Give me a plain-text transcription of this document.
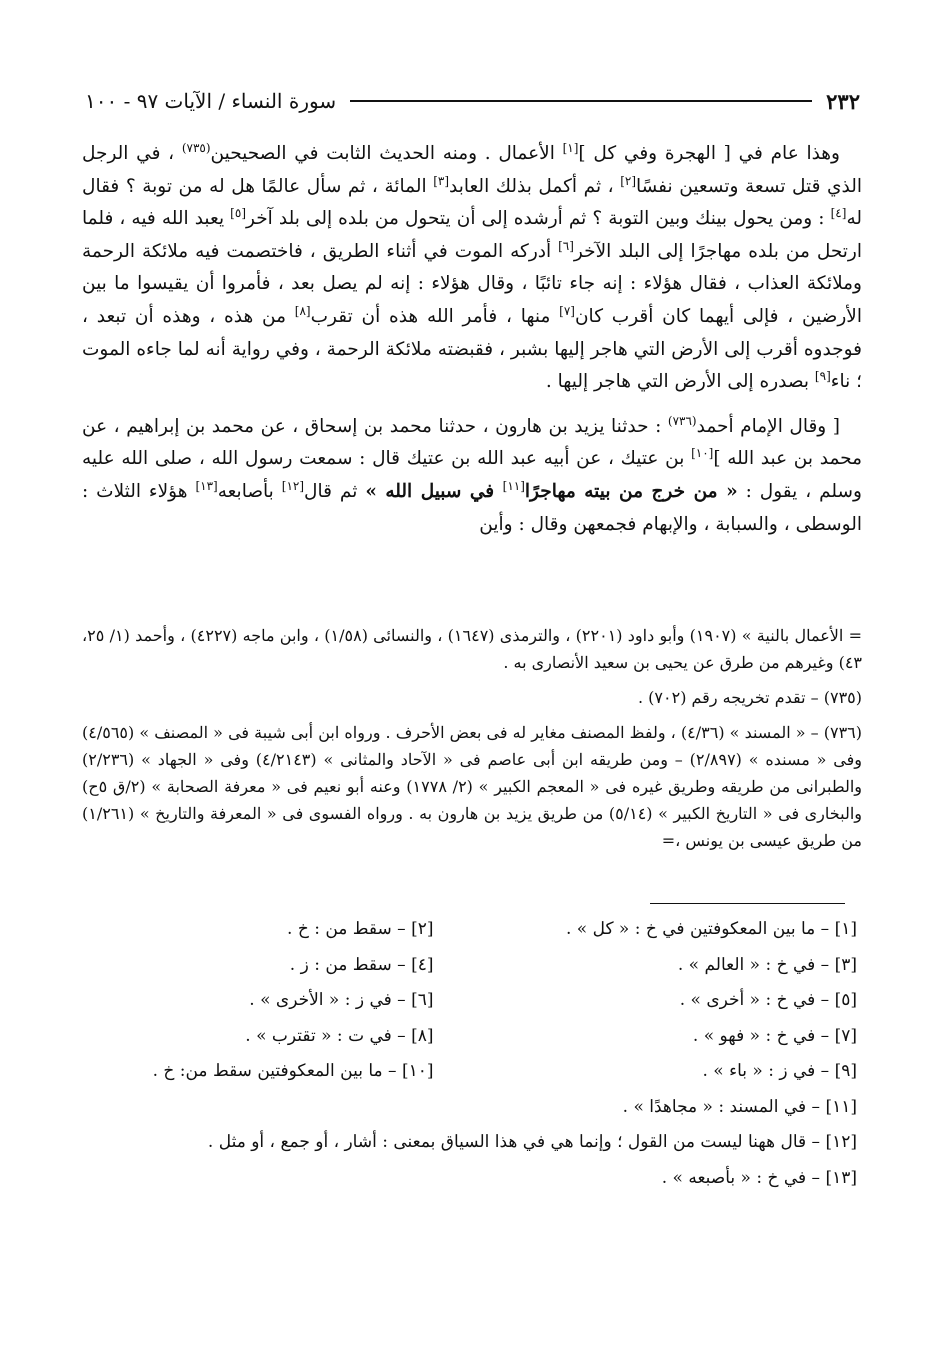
٢٣٢
سورة النساء / الآيات ٩٧ - ١٠٠

وهذا عام في [ الهجرة وفي كل ][١] الأعمال . ومنه الحديث الثابت في الصحيحين$^{(٧٣٥)}$ ، في الرجل الذي قتل تسعة وتسعين نفسًا[٢] ، ثم أكمل بذلك العابد[٣] المائة ، ثم سأل عالمًا هل له من توبة ؟ فقال له[٤] : ومن يحول بينك وبين التوبة ؟ ثم أرشده إلى أن يتحول من بلده إلى بلد آخر[٥] يعبد الله فيه ، فلما ارتحل من بلده مهاجرًا إلى البلد الآخر[٦] أدركه الموت في أثناء الطريق ، فاختصمت فيه ملائكة الرحمة وملائكة العذاب ، فقال هؤلاء : إنه جاء تائبًا ، وقال هؤلاء : إنه لم يصل بعد ، فأمروا أن يقيسوا ما بين الأرضين ، فإلى أيهما كان أقرب كان[٧] منها ، فأمر الله هذه أن تقرب[٨] من هذه ، وهذه أن تبعد ، فوجدوه أقرب إلى الأرض التي هاجر إليها بشبر ، فقبضته ملائكة الرحمة ، وفي رواية أنه لما جاءه الموت ؛ ناء[٩] بصدره إلى الأرض التي هاجر إليها .

[ وقال الإمام أحمد$^{(٧٣٦)}$ : حدثنا يزيد بن هارون ، حدثنا محمد بن إسحاق ، عن محمد بن إبراهيم ، عن محمد بن عبد الله ][١٠] بن عتيك ، عن أبيه عبد الله بن عتيك قال : سمعت رسول الله ، صلى الله عليه وسلم ، يقول : « من خرج من بيته مهاجرًا[١١] في سبيل الله » ثم قال[١٢] بأصابعه[١٣] هؤلاء الثلاث : الوسطى ، والسبابة ، والإبهام فجمعهن وقال : وأين

= الأعمال بالنية » (١٩٠٧) وأبو داود (٢٢٠١) ، والترمذى (١٦٤٧) ، والنسائى (١/٥٨) ، وابن ماجه (٤٢٢٧) ، وأحمد (١/ ٢٥، ٤٣) وغيرهم من طرق عن يحيى بن سعيد الأنصارى به .

(٧٣٥) – تقدم تخريجه رقم (٧٠٢) .

(٧٣٦) – « المسند » (٤/٣٦) ، ولفظ المصنف مغاير له فى بعض الأحرف . ورواه ابن أبى شيبة فى « المصنف » (٤/٥٦٥) وفى « مسنده » (٢/٨٩٧) – ومن طريقه ابن أبى عاصم فى « الآحاد والمثانى » (٤/٢١٤٣) وفى « الجهاد » (٢/٢٣٦) والطبرانى من طريقه وطريق غيره فى « المعجم الكبير » (٢/ ١٧٧٨) وعنه أبو نعيم فى « معرفة الصحابة » (٢/ق ٥ح) والبخارى فى « التاريخ الكبير » (٥/١٤) من طريق يزيد بن هارون به . ورواه الفسوى فى « المعرفة والتاريخ » (١/٢٦١) من طريق عيسى بن يونس ،=

[١] – ما بين المعكوفتين في خ : « كل » .
[٢] – سقط من : خ .
[٣] – في خ : « العالم » .
[٤] – سقط من : ز .
[٥] – في خ : « أخرى » .
[٦] – في ز : « الأخرى » .
[٧] – في خ : « فهو » .
[٨] – في ت : « تقترب » .
[٩] – في ز : « باء » .
[١٠] – ما بين المعكوفتين سقط من: خ .
[١١] – في المسند : « مجاهدًا » .
[١٢] – قال ههنا ليست من القول ؛ وإنما هي في هذا السياق بمعنى : أشار ، أو جمع ، أو مثل .
[١٣] – في خ : « بأصبعه » .
